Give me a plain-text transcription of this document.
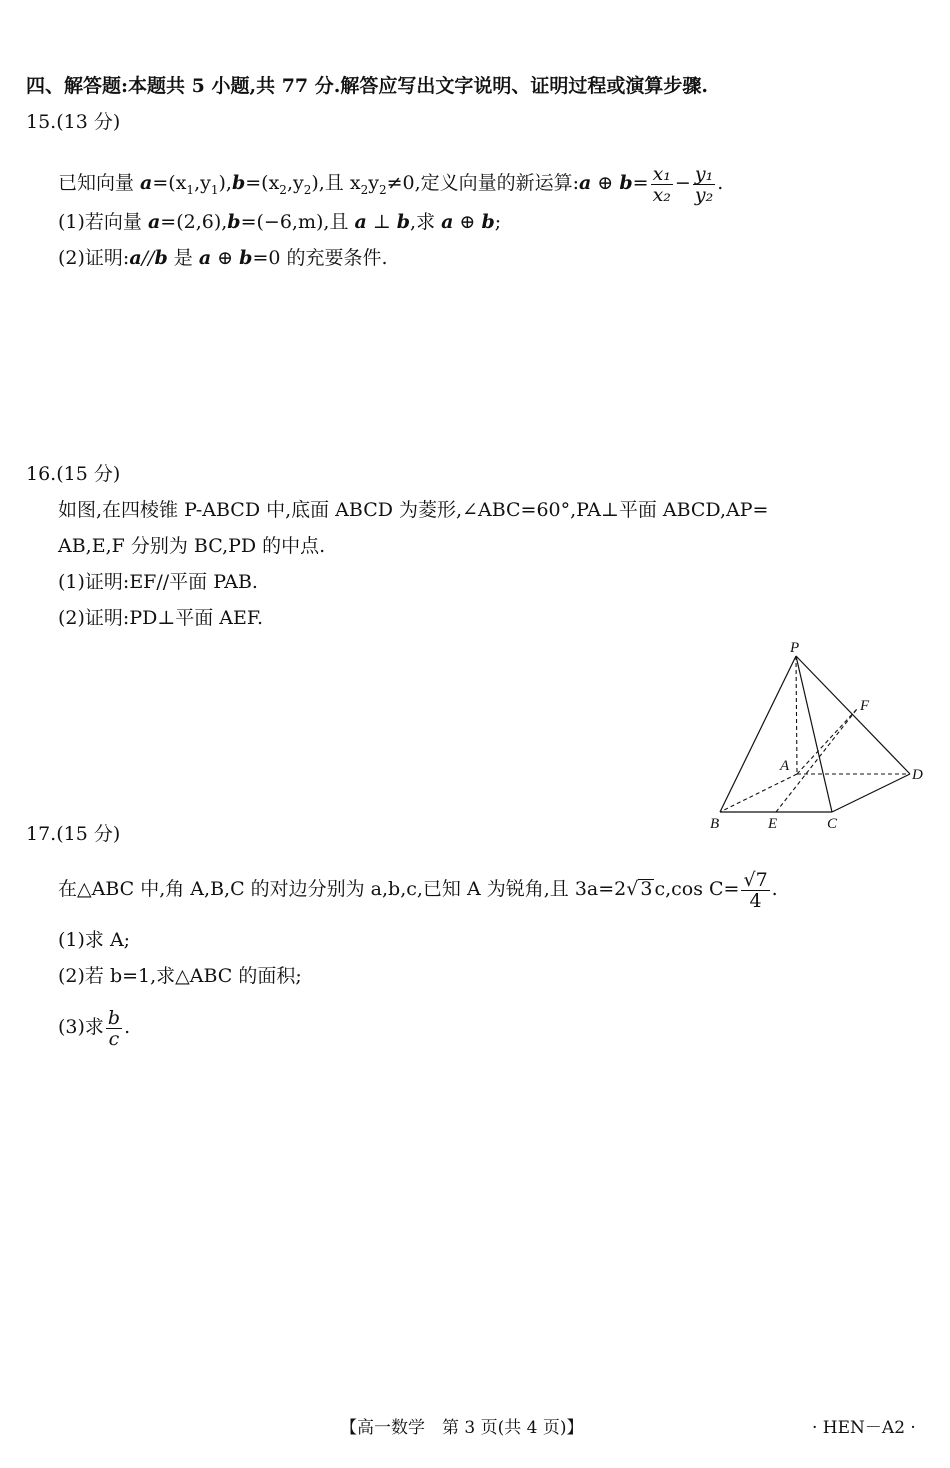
四、解答题:本题共 5 小题,共 77 分.解答应写出文字说明、证明过程或演算步骤.
15.(13 分)
已知向量 $a=(x_1,y_1),b=(x_2,y_2)$,且 $x_2y_2\ne 0$,定义向量的新运算:a ⊕ $b= \frac{\text{x₁}}{\text{x₂}} - \frac{\text{y₁}}{\text{y₂}}$ .
(1)若向量 a=(2,6),b=(−6,m),且 a ⊥ b,求 a ⊕ b;
(2)证明:a//b 是 a ⊕ b=0 的充要条件.
16.(15 分)
如图,在四棱锥 P-ABCD 中,底面 ABCD 为菱形,∠ABC=60°,PA⊥平面 ABCD,AP=
AB,E,F 分别为 BC,PD 的中点.
(1)证明:EF//平面 PAB.
(2)证明:PD⊥平面 AEF.
P
F
A
D
B	E	C
17.(15 分)
在△ABC 中,角 A,B,C 的对边分别为 a,b,c,已知 A 为锐角,且 3a=2√ 3 c,cos $C= \frac{√7}{4}$ .
(1)求 A;
(2)若 b=1,求△ABC 的面积;
(3)求 $\frac{b}{c}$ .
【高一数学　第 3 页(共 4 页)】	· HEN－A2 ·
